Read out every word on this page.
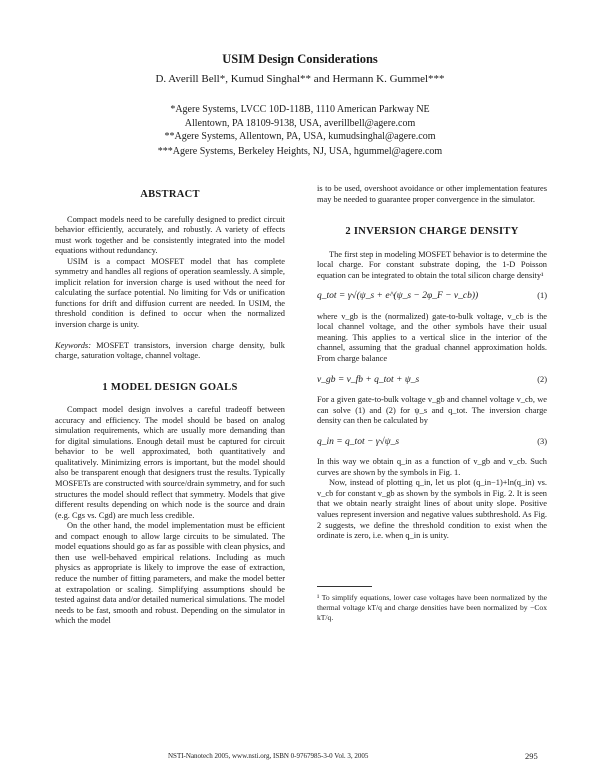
USIM Design Considerations
D. Averill Bell*, Kumud Singhal** and Hermann K. Gummel***
*Agere Systems, LVCC 10D-118B, 1110 American Parkway NE
Allentown, PA 18109-9138, USA, averillbell@agere.com
**Agere Systems, Allentown, PA, USA, kumudsinghal@agere.com
***Agere Systems, Berkeley Heights, NJ, USA, hgummel@agere.com
ABSTRACT

Compact models need to be carefully designed to predict circuit behavior efficiently, accurately, and robustly. A variety of effects must work together and be consistently integrated into the model equations without redundancy.

USIM is a compact MOSFET model that has complete symmetry and handles all regions of operation seamlessly. A simple, implicit relation for inversion charge is used without the need for calculating the surface potential. No limiting for Vds or unification functions for drift and diffusion current are needed. In USIM, the threshold condition is defined to occur when the normalized inversion charge is unity.

Keywords: MOSFET transistors, inversion charge density, bulk charge, saturation voltage, channel voltage.

1 MODEL DESIGN GOALS

Compact model design involves a careful tradeoff between accuracy and efficiency. The model should be based on analog simulation requirements, which are usually more demanding than for digital simulations. Enough detail must be captured for circuit behavior to be well approximated, both quantitatively and qualitatively. Minimizing errors is important, but the model should also be transparent enough that designers trust the results. Typically MOSFETs are constructed with source/drain symmetry, and for such structures the model should reflect that symmetry. Models that give different results depending on which node is the source and drain (e.g. Cgs vs. Cgd) are much less credible.

On the other hand, the model implementation must be efficient and compact enough to allow large circuits to be simulated. The model equations should go as far as possible with clean physics, and then use well-behaved empirical relations. Including as much physics as appropriate is likely to improve the ease of extraction, reduce the number of fitting parameters, and make the model better at extrapolation or scaling. Simplifying assumptions should be tested against data and/or detailed numerical simulations. The model needs to be fast, smooth and robust. Depending on the simulator in which the model

is to be used, overshoot avoidance or other implementation features may be needed to guarantee proper convergence in the simulator.

2 INVERSION CHARGE DENSITY

The first step in modeling MOSFET behavior is to determine the local charge. For constant substrate doping, the 1-D Poisson equation can be integrated to obtain the total silicon charge density¹

q_tot = γ√(ψ_s + e^(ψ_s − 2φ_F − v_cb))	(1)

where v_gb is the (normalized) gate-to-bulk voltage, v_cb is the local channel voltage, and the other symbols have their usual meaning. This applies to a vertical slice in the interior of the channel, assuming that the gradual channel approximation holds. From charge balance

v_gb = v_fb + q_tot + ψ_s	(2)

For a given gate-to-bulk voltage v_gb and channel voltage v_cb, we can solve (1) and (2) for ψ_s and q_tot. The inversion charge density can then be calculated by

q_in = q_tot − γ√ψ_s	(3)

In this way we obtain q_in as a function of v_gb and v_cb. Such curves are shown by the symbols in Fig. 1.

Now, instead of plotting q_in, let us plot (q_in−1)+ln(q_in) vs. v_cb for constant v_gb as shown by the symbols in Fig. 2. It is seen that we obtain nearly straight lines of about unity slope. Positive values represent inversion and negative values subthreshold. As Fig. 2 suggests, we define the threshold condition to exist when the ordinate is zero, i.e. when q_in is unity.

¹ To simplify equations, lower case voltages have been normalized by the thermal voltage kT/q and charge densities have been normalized by −Cox kT/q.

NSTI-Nanotech 2005, www.nsti.org, ISBN 0-9767985-3-0 Vol. 3, 2005	295
